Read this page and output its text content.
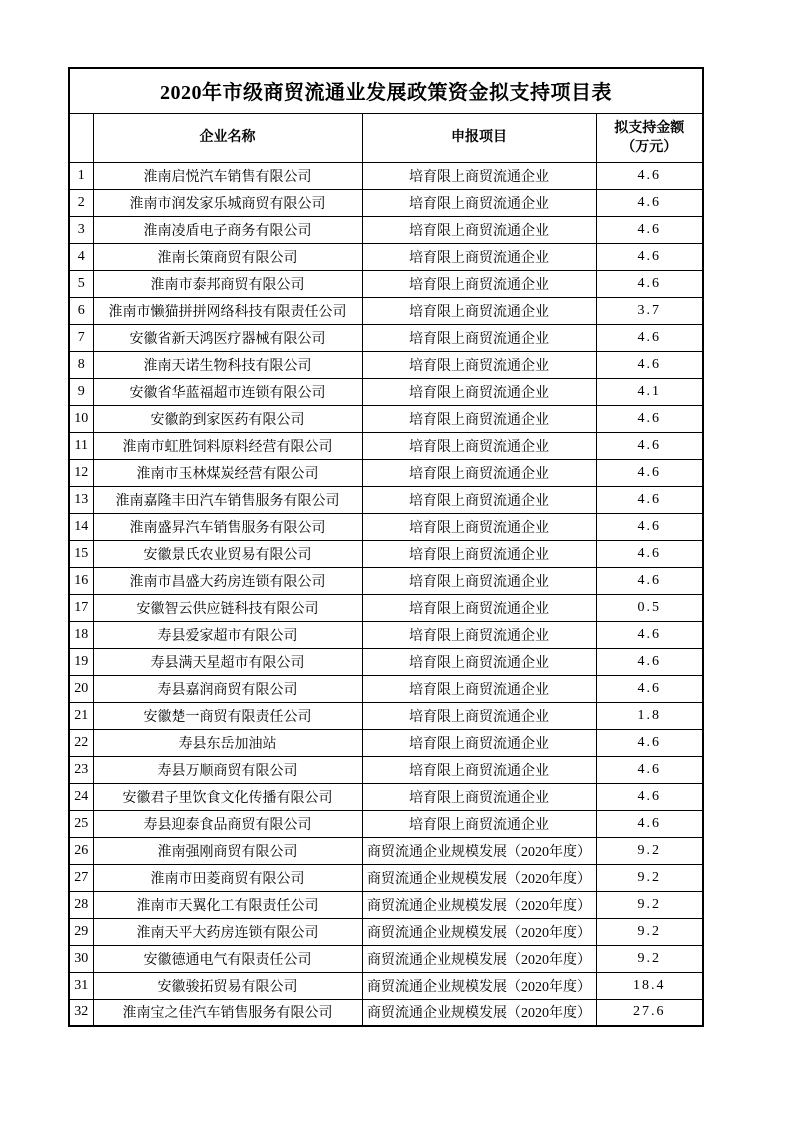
2020年市级商贸流通业发展政策资金拟支持项目表			
	企业名称	申报项目	拟支持金额
（万元）
1	淮南启悦汽车销售有限公司	培育限上商贸流通企业	4.6
2	淮南市润发家乐城商贸有限公司	培育限上商贸流通企业	4.6
3	淮南凌盾电子商务有限公司	培育限上商贸流通企业	4.6
4	淮南长策商贸有限公司	培育限上商贸流通企业	4.6
5	淮南市泰邦商贸有限公司	培育限上商贸流通企业	4.6
6	淮南市懒猫拼拼网络科技有限责任公司	培育限上商贸流通企业	3.7
7	安徽省新天鸿医疗器械有限公司	培育限上商贸流通企业	4.6
8	淮南天诺生物科技有限公司	培育限上商贸流通企业	4.6
9	安徽省华蓝福超市连锁有限公司	培育限上商贸流通企业	4.1
10	安徽韵到家医药有限公司	培育限上商贸流通企业	4.6
11	淮南市虹胜饲料原料经营有限公司	培育限上商贸流通企业	4.6
12	淮南市玉林煤炭经营有限公司	培育限上商贸流通企业	4.6
13	淮南嘉隆丰田汽车销售服务有限公司	培育限上商贸流通企业	4.6
14	淮南盛昇汽车销售服务有限公司	培育限上商贸流通企业	4.6
15	安徽景氏农业贸易有限公司	培育限上商贸流通企业	4.6
16	淮南市昌盛大药房连锁有限公司	培育限上商贸流通企业	4.6
17	安徽智云供应链科技有限公司	培育限上商贸流通企业	0.5
18	寿县爱家超市有限公司	培育限上商贸流通企业	4.6
19	寿县满天星超市有限公司	培育限上商贸流通企业	4.6
20	寿县嘉润商贸有限公司	培育限上商贸流通企业	4.6
21	安徽楚一商贸有限责任公司	培育限上商贸流通企业	1.8
22	寿县东岳加油站	培育限上商贸流通企业	4.6
23	寿县万顺商贸有限公司	培育限上商贸流通企业	4.6
24	安徽君子里饮食文化传播有限公司	培育限上商贸流通企业	4.6
25	寿县迎泰食品商贸有限公司	培育限上商贸流通企业	4.6
26	淮南强刚商贸有限公司	商贸流通企业规模发展（2020年度）	9.2
27	淮南市田菱商贸有限公司	商贸流通企业规模发展（2020年度）	9.2
28	淮南市天翼化工有限责任公司	商贸流通企业规模发展（2020年度）	9.2
29	淮南天平大药房连锁有限公司	商贸流通企业规模发展（2020年度）	9.2
30	安徽德通电气有限责任公司	商贸流通企业规模发展（2020年度）	9.2
31	安徽骏拓贸易有限公司	商贸流通企业规模发展（2020年度）	18.4
32	淮南宝之佳汽车销售服务有限公司	商贸流通企业规模发展（2020年度）	27.6
